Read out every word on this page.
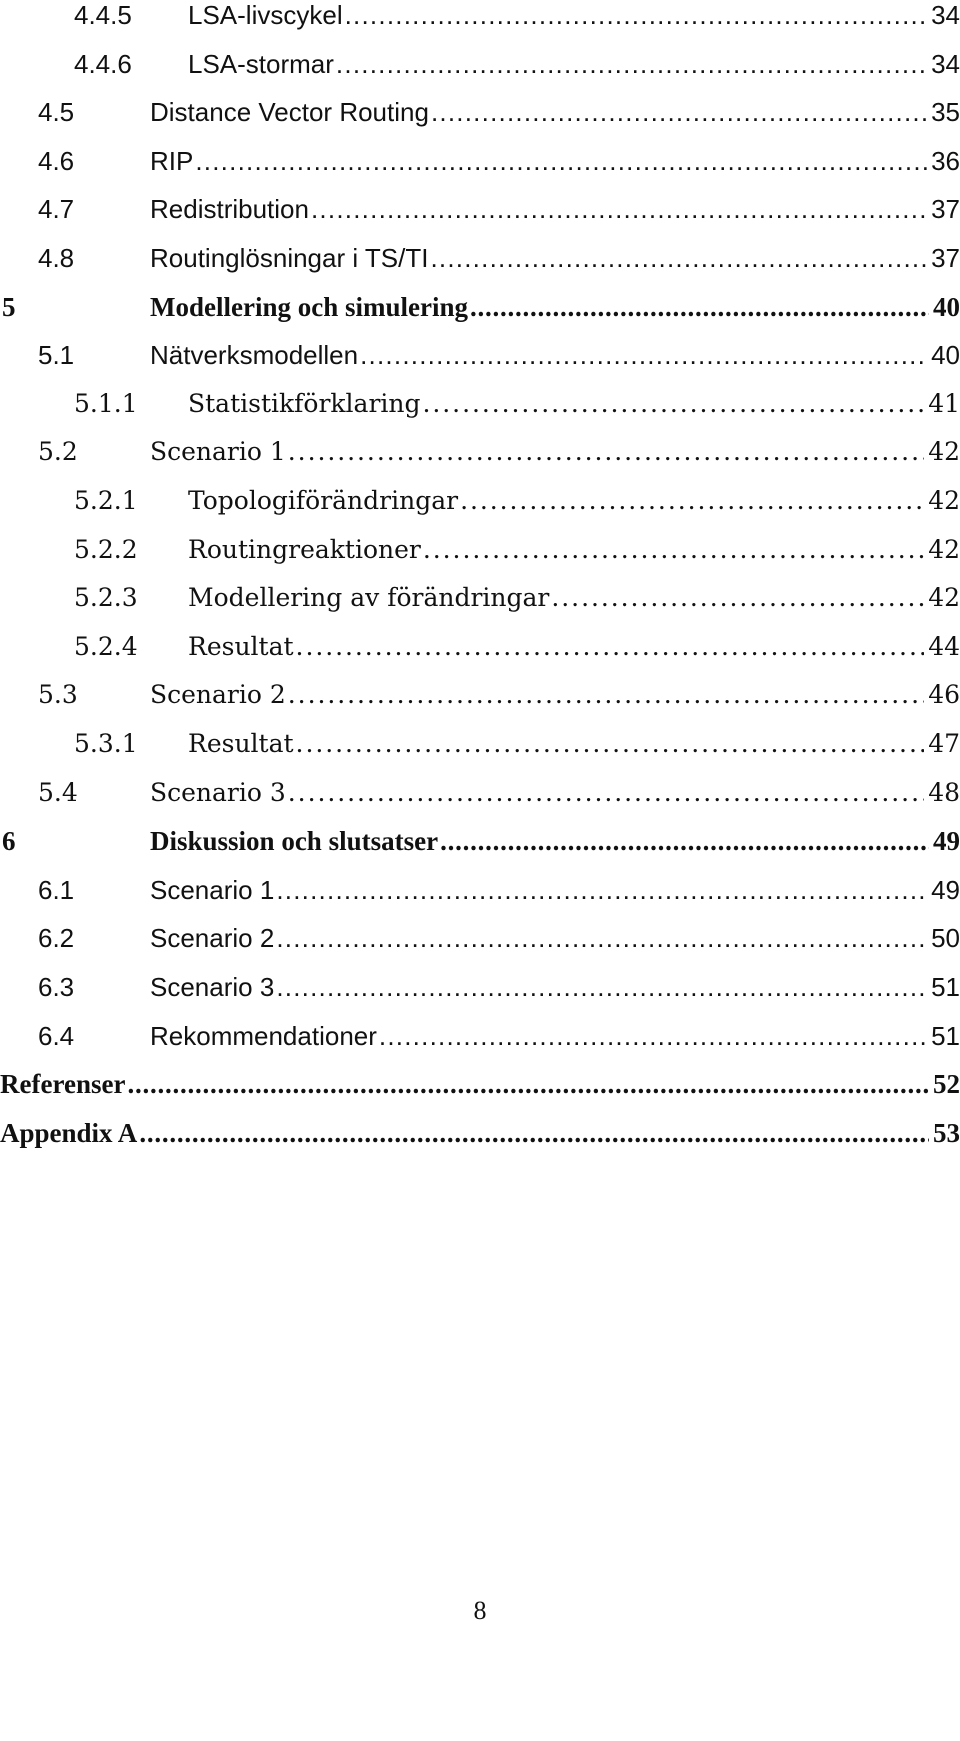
4.4.5 LSA-livscykel . . .	34
4.4.6 LSA-stormar . . .	34
4.5	Distance Vector Routing . . .	35
4.6	RIP . . .	36
4.7	Redistribution . . .	37
4.8	Routinglösningar i TS/TI . . .	37
5	Modellering och simulering . . .	40
5.1	Nätverksmodellen . . .	40
5.1.1 Statistikförklaring . . .	41
5.2	Scenario 1 . . .	42
5.2.1 Topologiförändringar . . .	42
5.2.2 Routingreaktioner . . .	42
5.2.3 Modellering av förändringar . . .	42
5.2.4 Resultat . . .	44
5.3	Scenario 2 . . .	46
5.3.1 Resultat . . .	47
5.4	Scenario 3 . . .	48
6	Diskussion och slutsatser . . .	49
6.1	Scenario 1 . . .	49
6.2	Scenario 2 . . .	50
6.3	Scenario 3 . . .	51
6.4	Rekommendationer . . .	51
Referenser . . .	52
Appendix A . . .	53
8
